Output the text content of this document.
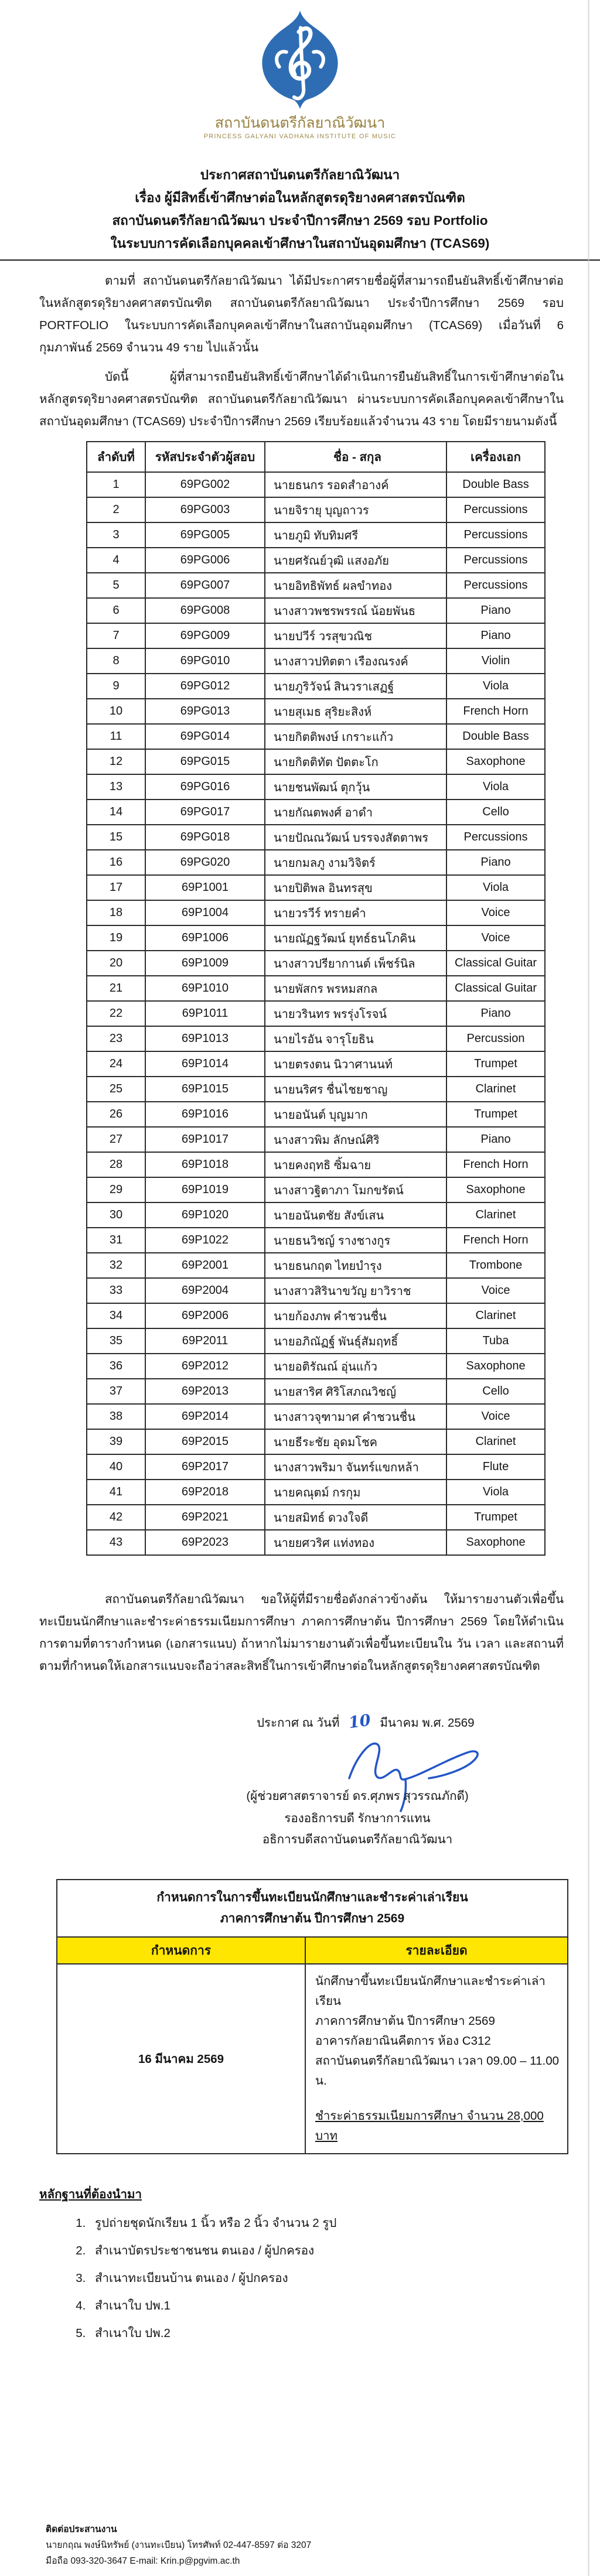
สถาบันดนตรีกัลยาณิวัฒนา
PRINCESS GALYANI VADHANA INSTITUTE OF MUSIC
ประกาศสถาบันดนตรีกัลยาณิวัฒนา
เรื่อง ผู้มีสิทธิ์เข้าศึกษาต่อในหลักสูตรดุริยางคศาสตรบัณฑิต
สถาบันดนตรีกัลยาณิวัฒนา ประจำปีการศึกษา 2569 รอบ Portfolio
ในระบบการคัดเลือกบุคคลเข้าศึกษาในสถาบันอุดมศึกษา (TCAS69)

ตามที่ สถาบันดนตรีกัลยาณิวัฒนา ได้มีประกาศรายชื่อผู้ที่สามารถยืนยันสิทธิ์เข้าศึกษาต่อในหลักสูตรดุริยางคศาสตรบัณฑิต สถาบันดนตรีกัลยาณิวัฒนา ประจำปีการศึกษา 2569 รอบ PORTFOLIO ในระบบการคัดเลือกบุคคลเข้าศึกษาในสถาบันอุดมศึกษา (TCAS69) เมื่อวันที่ 6 กุมภาพันธ์ 2569 จำนวน 49 ราย ไปแล้วนั้น

บัดนี้ ผู้ที่สามารถยืนยันสิทธิ์เข้าศึกษาได้ดำเนินการยืนยันสิทธิ์ในการเข้าศึกษาต่อในหลักสูตรดุริยางคศาสตรบัณฑิต สถาบันดนตรีกัลยาณิวัฒนา ผ่านระบบการคัดเลือกบุคคลเข้าศึกษาในสถาบันอุดมศึกษา (TCAS69) ประจำปีการศึกษา 2569 เรียบร้อยแล้วจำนวน 43 ราย โดยมีรายนามดังนี้

ลำดับที่	รหัสประจำตัวผู้สอบ	ชื่อ - สกุล	เครื่องเอก
1	69PG002	นายธนกร รอดสำอางค์	Double Bass
2	69PG003	นายจิรายุ บุญถาวร	Percussions
3	69PG005	นายภูมิ ทับทิมศรี	Percussions
4	69PG006	นายศรัณย์วุฒิ แสงอภัย	Percussions
5	69PG007	นายอิทธิพัทธ์ ผลขำทอง	Percussions
6	69PG008	นางสาวพชรพรรณ์ น้อยพันธ	Piano
7	69PG009	นายปวีร์ วรสุขวณิช	Piano
8	69PG010	นางสาวปทิตตา เรืองณรงค์	Violin
9	69PG012	นายภูริวัจน์ สินวราเสฏฐ์	Viola
10	69PG013	นายสุเมธ สุริยะสิงห์	French Horn
11	69PG014	นายกิตติพงษ์ เกราะแก้ว	Double Bass
12	69PG015	นายกิตติทัต ปัตตะโก	Saxophone
13	69PG016	นายชนพัฒน์ ตุกวุ้น	Viola
14	69PG017	นายกัณตพงศ์ อาดำ	Cello
15	69PG018	นายปัณณวัฒน์ บรรจงสัตตาพร	Percussions
16	69PG020	นายกมลภู งามวิจิตร์	Piano
17	69P1001	นายปิติพล อินทรสุข	Viola
18	69P1004	นายวรวีร์ ทรายคำ	Voice
19	69P1006	นายณัฏฐวัฒน์ ยุทธ์ธนโภคิน	Voice
20	69P1009	นางสาวปรียากานต์ เพ็ชร์นิล	Classical Guitar
21	69P1010	นายพัสกร พรหมสกล	Classical Guitar
22	69P1011	นายวรินทร พรรุ่งโรจน์	Piano
23	69P1013	นายไรอัน จารุโยธิน	Percussion
24	69P1014	นายตรงตน นิวาศานนท์	Trumpet
25	69P1015	นายนริศร ชื่นไชยชาญ	Clarinet
26	69P1016	นายอนันต์ บุญมาก	Trumpet
27	69P1017	นางสาวพิม ลักษณ์ศิริ	Piano
28	69P1018	นายคงฤทธิ ซิ้มฉาย	French Horn
29	69P1019	นางสาวฐิตาภา โมกขรัตน์	Saxophone
30	69P1020	นายอนันตชัย สังข์เสน	Clarinet
31	69P1022	นายธนวิชญ์ รางชางกูร	French Horn
32	69P2001	นายธนกฤต ไทยบำรุง	Trombone
33	69P2004	นางสาวสิรินาขวัญ ยาวิราช	Voice
34	69P2006	นายก้องภพ คำชวนชื่น	Clarinet
35	69P2011	นายอภิณัฏฐ์ พันธุ์สัมฤทธิ์	Tuba
36	69P2012	นายอติรัณณ์ อุ่นแก้ว	Saxophone
37	69P2013	นายสาริศ ศิริโสภณวิชญ์	Cello
38	69P2014	นางสาวจุฑามาศ คำชวนชื่น	Voice
39	69P2015	นายธีระชัย อุดมโชค	Clarinet
40	69P2017	นางสาวพริมา จันทร์แขกหล้า	Flute
41	69P2018	นายคณุตม์ กรกุม	Viola
42	69P2021	นายสมิทธ์ ดวงใจดี	Trumpet
43	69P2023	นายยศวริศ แท่งทอง	Saxophone

สถาบันดนตรีกัลยาณิวัฒนา ขอให้ผู้ที่มีรายชื่อดังกล่าวข้างต้น ให้มารายงานตัวเพื่อขึ้นทะเบียนนักศึกษาและชำระค่าธรรมเนียมการศึกษา ภาคการศึกษาต้น ปีการศึกษา 2569 โดยให้ดำเนินการตามที่ตารางกำหนด (เอกสารแนบ) ถ้าหากไม่มารายงานตัวเพื่อขึ้นทะเบียนใน วัน เวลา และสถานที่ตามที่กำหนดให้เอกสารแนบจะถือว่าสละสิทธิ์ในการเข้าศึกษาต่อในหลักสูตรดุริยางคศาสตรบัณฑิต

ประกาศ ณ วันที่ 10 มีนาคม พ.ศ. 2569

(ผู้ช่วยศาสตราจารย์ ดร.ศุภพร สุวรรณภักดี)

รองอธิการบดี รักษาการแทน

อธิการบดีสถาบันดนตรีกัลยาณิวัฒนา

กำหนดการในการขึ้นทะเบียนนักศึกษาและชำระค่าเล่าเรียน
ภาคการศึกษาต้น ปีการศึกษา 2569	

กำหนดการ	รายละเอียด
16 มีนาคม 2569	นักศึกษาขึ้นทะเบียนนักศึกษาและชำระค่าเล่าเรียน

ภาคการศึกษาต้น ปีการศึกษา 2569

อาคารกัลยาณินคีตการ ห้อง C312

สถาบันดนตรีกัลยาณิวัฒนา เวลา 09.00 – 11.00 น.

ชำระค่าธรรมเนียมการศึกษา จำนวน 28,000 บาท

หลักฐานที่ต้องนำมา
1. รูปถ่ายชุดนักเรียน 1 นิ้ว หรือ 2 นิ้ว จำนวน 2 รูป
2. สำเนาบัตรประชาชนชน ตนเอง / ผู้ปกครอง
3. สำเนาทะเบียนบ้าน ตนเอง / ผู้ปกครอง
4. สำเนาใบ ปพ.1
5. สำเนาใบ ปพ.2

ติดต่อประสานงาน

นายกฤณ พงษ์นิทรัพย์ (งานทะเบียน) โทรศัพท์ 02-447-8597 ต่อ 3207

มือถือ 093-320-3647 E-mail: Krin.p@pgvim.ac.th
